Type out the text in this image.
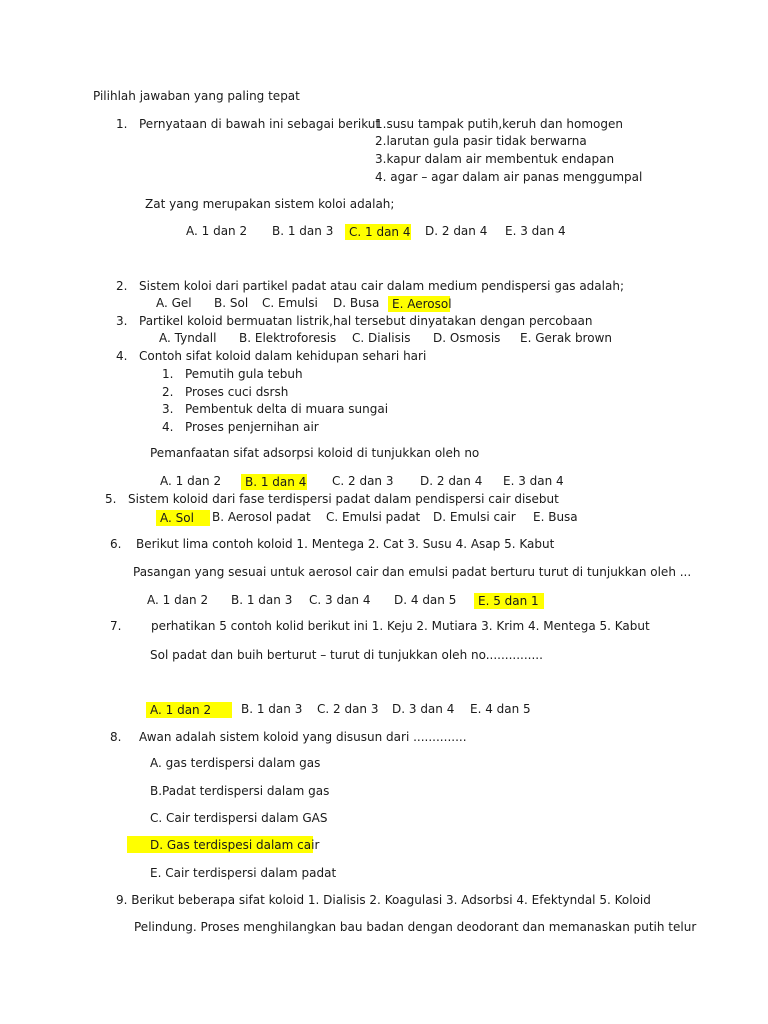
Pilihlah jawaban yang paling tepat
1. Pernyataan di bawah ini sebagai berikut
1.susu tampak putih,keruh dan homogen
2.larutan gula pasir tidak berwarna
3.kapur dalam air membentuk endapan
4. agar – agar dalam air panas menggumpal
Zat yang merupakan sistem koloi adalah;
A. 1 dan 2 B. 1 dan 3	C. 1 dan 4 D. 2 dan 4 E. 3 dan 4
2. Sistem koloi dari partikel padat atau cair dalam medium pendispersi gas adalah;
A. Gel B. Sol C. Emulsi D. Busa	E. Aerosol
3. Partikel koloid bermuatan listrik,hal tersebut dinyatakan dengan percobaan
A. Tyndall B. Elektroforesis C. Dialisis D. Osmosis E. Gerak brown
4. Contoh sifat koloid dalam kehidupan sehari hari
1. Pemutih gula tebuh
2. Proses cuci dsrsh
3. Pembentuk delta di muara sungai
4. Proses penjernihan air
Pemanfaatan sifat adsorpsi koloid di tunjukkan oleh no
A. 1 dan 2	B. 1 dan 4 C. 2 dan 3 D. 2 dan 4 E. 3 dan 4
5. Sistem koloid dari fase terdispersi padat dalam pendispersi cair disebut
A. Sol	B. Aerosol padat C. Emulsi padat D. Emulsi cair E. Busa
6. Berikut lima contoh koloid 1. Mentega 2. Cat 3. Susu 4. Asap 5. Kabut
Pasangan yang sesuai untuk aerosol cair dan emulsi padat berturu turut di tunjukkan oleh ...
A. 1 dan 2 B. 1 dan 3 C. 3 dan 4 D. 4 dan 5	E. 5 dan 1
7. perhatikan 5 contoh kolid berikut ini 1. Keju 2. Mutiara 3. Krim 4. Mentega 5. Kabut
Sol padat dan buih berturut – turut di tunjukkan oleh no...............
A. 1 dan 2	B. 1 dan 3 C. 2 dan 3 D. 3 dan 4 E. 4 dan 5
8. Awan adalah sistem koloid yang disusun dari ..............
A. gas terdispersi dalam gas
B.Padat terdispersi dalam gas
C. Cair terdispersi dalam GAS
D. Gas terdispesi dalam cair
E. Cair terdispersi dalam padat
9. Berikut beberapa sifat koloid 1. Dialisis 2. Koagulasi 3. Adsorbsi 4. Efektyndal 5. Koloid
Pelindung. Proses menghilangkan bau badan dengan deodorant dan memanaskan putih telur
